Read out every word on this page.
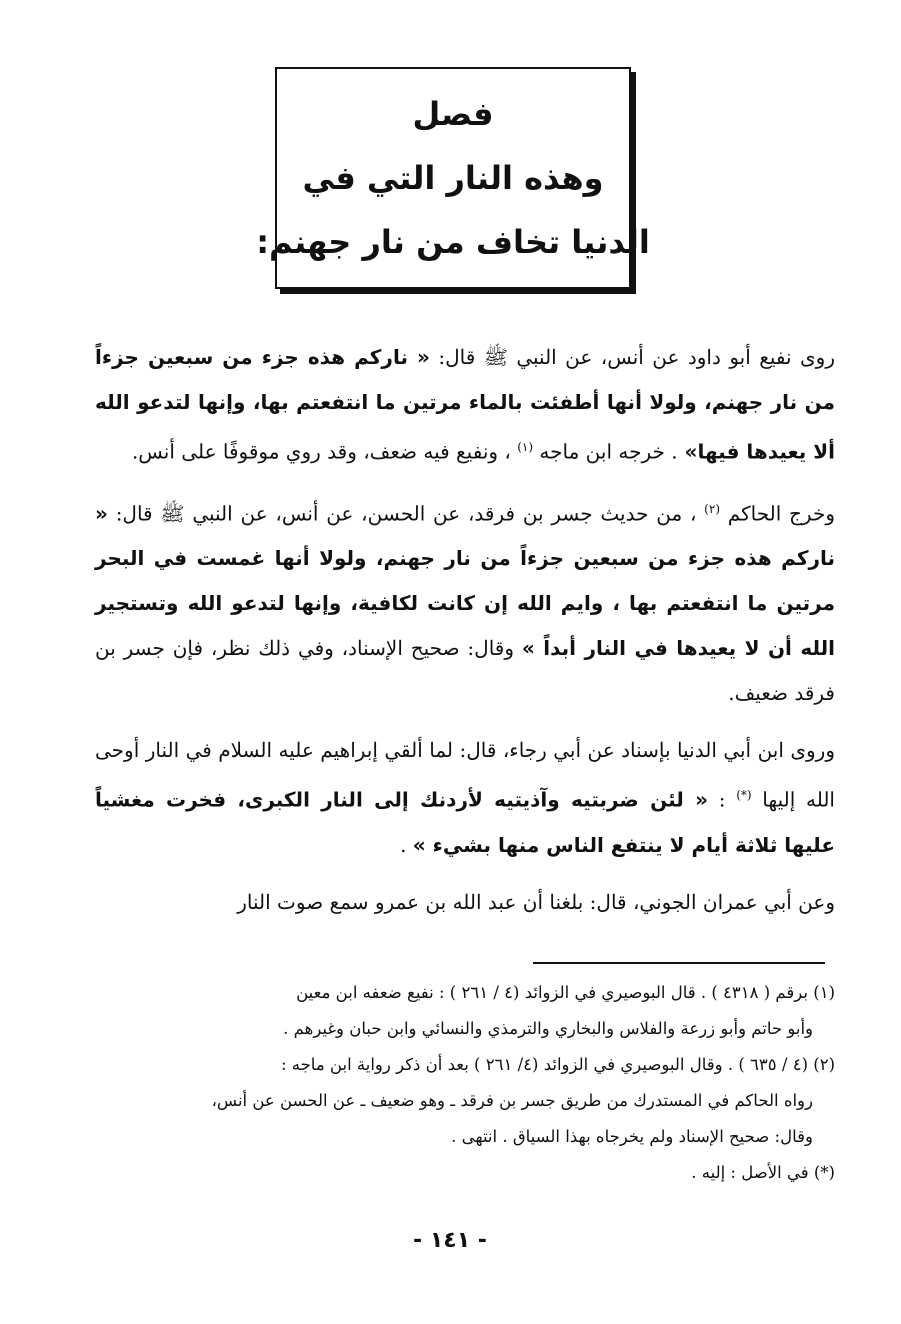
فصل
وهذه النار التي في
الدنيا تخاف من نار جهنم:

روى نفيع أبو داود عن أنس، عن النبي ﷺ قال: « ناركم هذه جزء من سبعين جزءاً من نار جهنم، ولولا أنها أطفئت بالماء مرتين ما انتفعتم بها، وإنها لتدعو الله ألا يعيدها فيها» . خرجه ابن ماجه $^{(١)}$ ، ونفيع فيه ضعف، وقد روي موقوفًا على أنس.

وخرج الحاكم $^{(٢)}$ ، من حديث جسر بن فرقد، عن الحسن، عن أنس، عن النبي ﷺ قال: « ناركم هذه جزء من سبعين جزءاً من نار جهنم، ولولا أنها غمست في البحر مرتين ما انتفعتم بها ، وايم الله إن كانت لكافية، وإنها لتدعو الله وتستجير الله أن لا يعيدها في النار أبداً » وقال: صحيح الإسناد، وفي ذلك نظر، فإن جسر بن فرقد ضعيف.

وروى ابن أبي الدنيا بإسناد عن أبي رجاء، قال: لما ألقي إبراهيم عليه السلام في النار أوحى الله إليها (*) : « لئن ضربتيه وآذيتيه لأردنك إلى النار الكبرى، فخرت مغشياً عليها ثلاثة أيام لا ينتفع الناس منها بشيء » .

وعن أبي عمران الجوني، قال: بلغنا أن عبد الله بن عمرو سمع صوت النار

(١) برقم ( ٤٣١٨ ) . قال البوصيري في الزوائد (٤ / ٢٦١ ) : نفيع ضعفه ابن معين

وأبو حاتم وأبو زرعة والفلاس والبخاري والترمذي والنسائي وابن حبان وغيرهم .

(٢) (٤ / ٦٣٥ ) . وقال البوصيري في الزوائد (٤/ ٢٦١ ) بعد أن ذكر رواية ابن ماجه :

رواه الحاكم في المستدرك من طريق جسر بن فرقد ـ وهو ضعيف ـ عن الحسن عن أنس،

وقال: صحيح الإسناد ولم يخرجاه بهذا السياق . انتهى .

(*) في الأصل : إليه .

- ١٤١ -
